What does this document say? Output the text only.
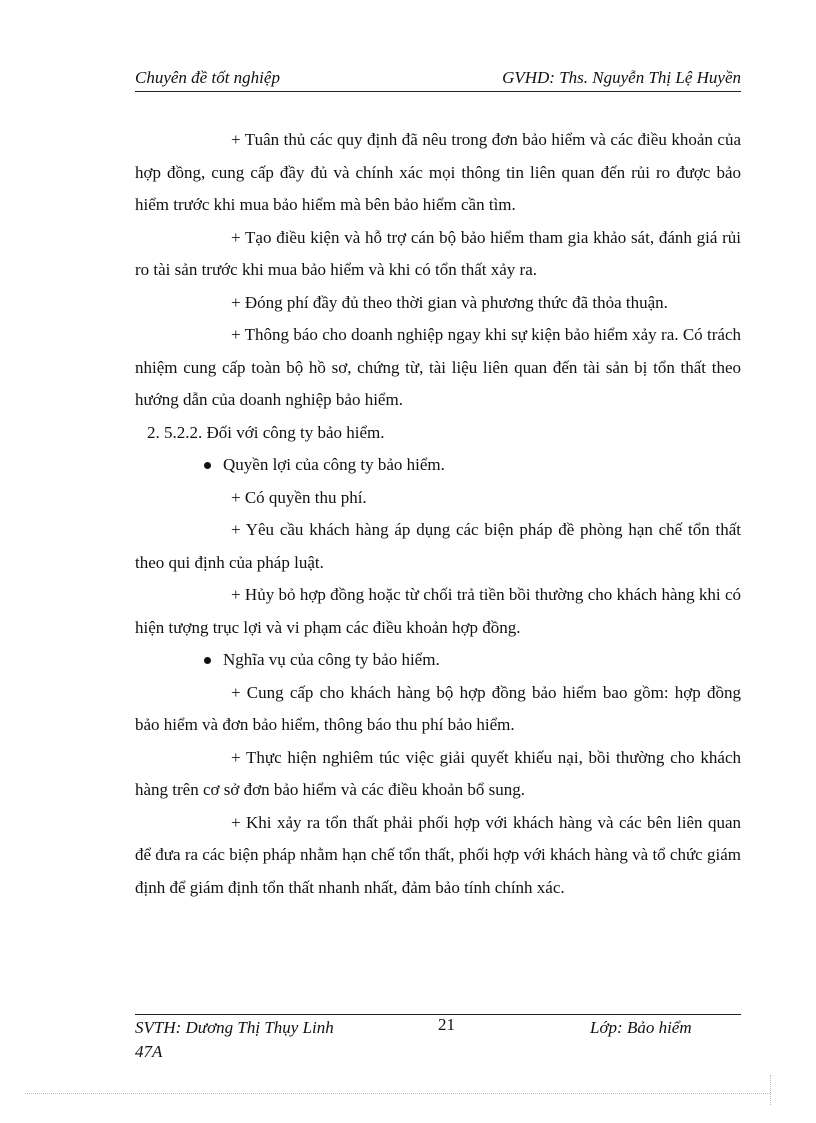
Chuyên đề tốt nghiệp	GVHD: Ths. Nguyễn Thị Lệ Huyền

+ Tuân thủ các quy định đã nêu trong đơn bảo hiểm và các điều khoản của hợp đồng, cung cấp đầy đủ và chính xác mọi thông tin liên quan đến rủi ro được bảo hiểm trước khi mua bảo hiểm mà bên bảo hiểm cần tìm.

+ Tạo điều kiện và hỗ trợ cán bộ bảo hiểm tham gia khảo sát, đánh giá rủi ro tài sản trước khi mua bảo hiểm và khi có tổn thất xảy ra.

+ Đóng phí đầy đủ theo thời gian và phương thức đã thỏa thuận.

+ Thông báo cho doanh nghiệp ngay khi sự kiện bảo hiểm xảy ra. Có trách nhiệm cung cấp toàn bộ hồ sơ, chứng từ, tài liệu liên quan đến tài sản bị tổn thất theo hướng dẫn của doanh nghiệp bảo hiểm.

2. 5.2.2. Đối với công ty bảo hiểm.

Quyền lợi của công ty bảo hiểm.

+ Có quyền thu phí.

+ Yêu cầu khách hàng áp dụng các biện pháp đề phòng hạn chế tổn thất theo qui định của pháp luật.

+ Hủy bỏ hợp đồng hoặc từ chối trả tiền bồi thường cho khách hàng khi có hiện tượng trục lợi và vi phạm các điều khoản hợp đồng.

Nghĩa vụ của công ty bảo hiểm.

+ Cung cấp cho khách hàng bộ hợp đồng bảo hiểm bao gồm: hợp đồng bảo hiểm và đơn bảo hiểm, thông báo thu phí bảo hiểm.

+ Thực hiện nghiêm túc việc giải quyết khiếu nại, bồi thường cho khách hàng trên cơ sở đơn bảo hiểm và các điều khoản bổ sung.

+ Khi xảy ra tổn thất phải phối hợp với khách hàng và các bên liên quan để đưa ra các biện pháp nhằm hạn chế tổn thất, phối hợp với khách hàng và tổ chức giám định để giám định tổn thất nhanh nhất, đảm bảo tính chính xác.

SVTH: Dương Thị Thụy Linh
47A
21	Lớp: Bảo hiểm
